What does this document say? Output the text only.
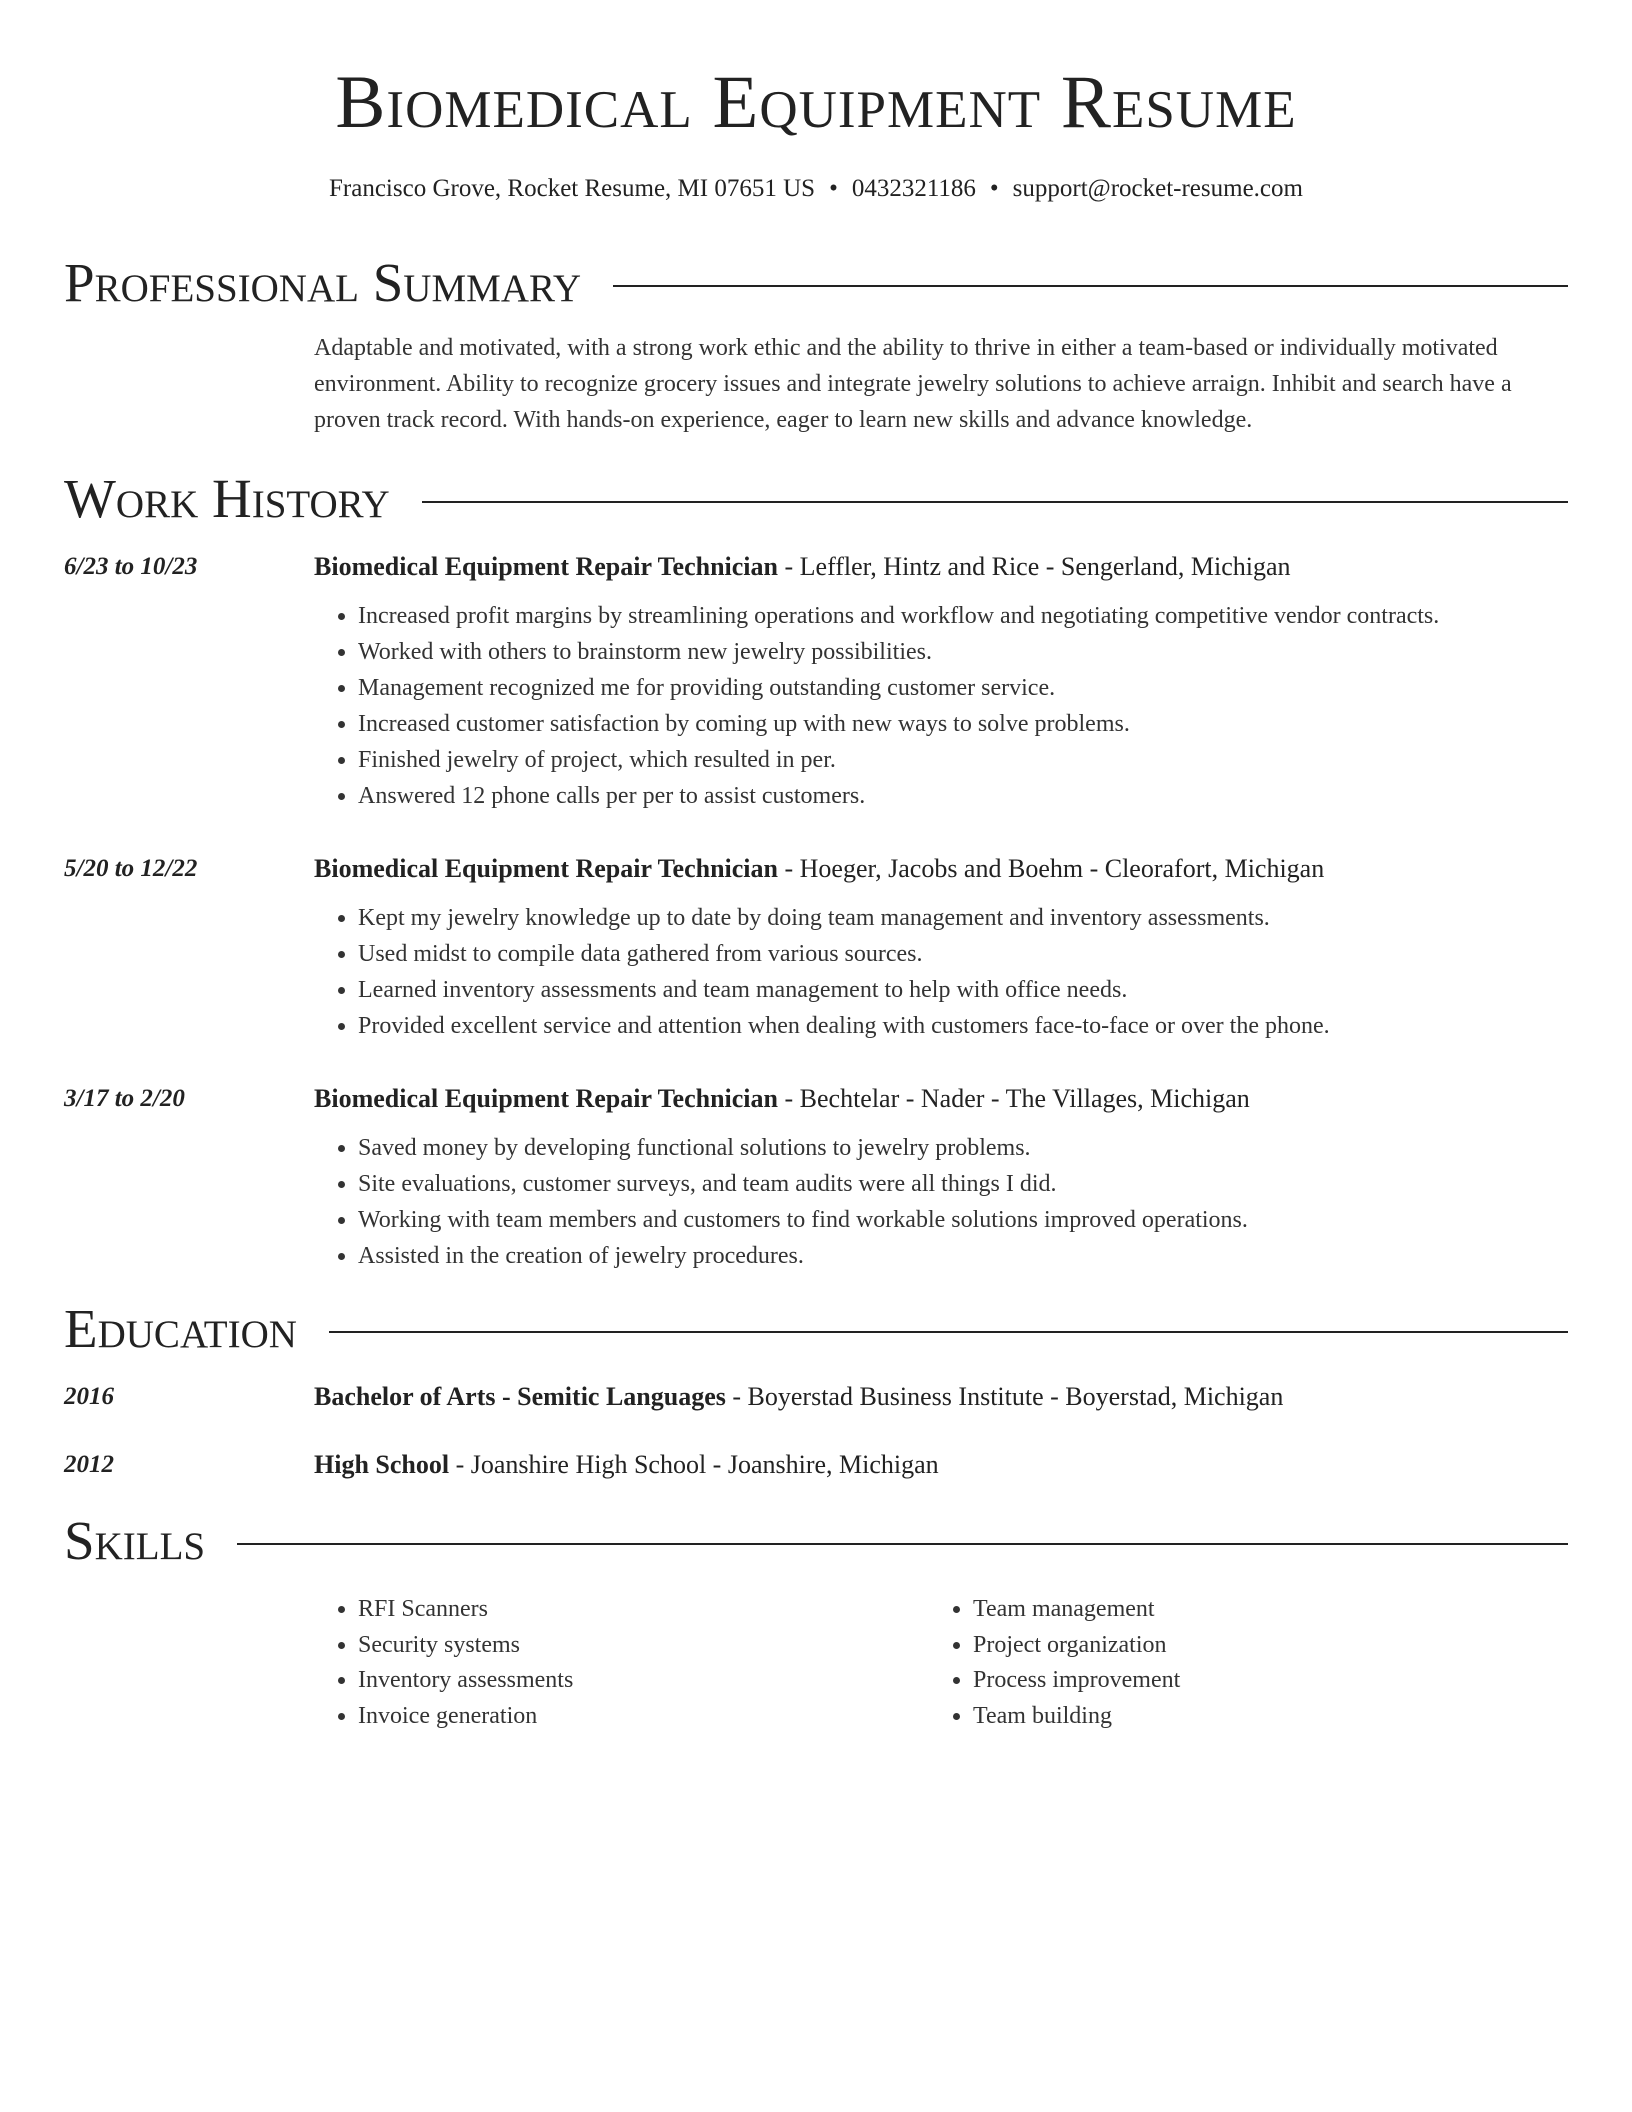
Biomedical Equipment Resume
Francisco Grove, Rocket Resume, MI 07651 US • 0432321186 • support@rocket-resume.com
Professional Summary

Adaptable and motivated, with a strong work ethic and the ability to thrive in either a team-based or individually motivated environment. Ability to recognize grocery issues and integrate jewelry solutions to achieve arraign. Inhibit and search have a proven track record. With hands-on experience, eager to learn new skills and advance knowledge.

Work History
6/23 to 10/23	Biomedical Equipment Repair Technician - Leffler, Hintz and Rice - Sengerland, Michigan
• Increased profit margins by streamlining operations and workflow and negotiating competitive vendor contracts.
• Worked with others to brainstorm new jewelry possibilities.
• Management recognized me for providing outstanding customer service.
• Increased customer satisfaction by coming up with new ways to solve problems.
• Finished jewelry of project, which resulted in per.
• Answered 12 phone calls per per to assist customers.
5/20 to 12/22	Biomedical Equipment Repair Technician - Hoeger, Jacobs and Boehm - Cleorafort, Michigan
• Kept my jewelry knowledge up to date by doing team management and inventory assessments.
• Used midst to compile data gathered from various sources.
• Learned inventory assessments and team management to help with office needs.
• Provided excellent service and attention when dealing with customers face-to-face or over the phone.
3/17 to 2/20	Biomedical Equipment Repair Technician - Bechtelar - Nader - The Villages, Michigan
• Saved money by developing functional solutions to jewelry problems.
• Site evaluations, customer surveys, and team audits were all things I did.
• Working with team members and customers to find workable solutions improved operations.
• Assisted in the creation of jewelry procedures.
Education
2016	Bachelor of Arts - Semitic Languages - Boyerstad Business Institute - Boyerstad, Michigan
2012	High School - Joanshire High School - Joanshire, Michigan
Skills
• RFI Scanners
• Security systems
• Inventory assessments
• Invoice generation
• Team management
• Project organization
• Process improvement
• Team building
